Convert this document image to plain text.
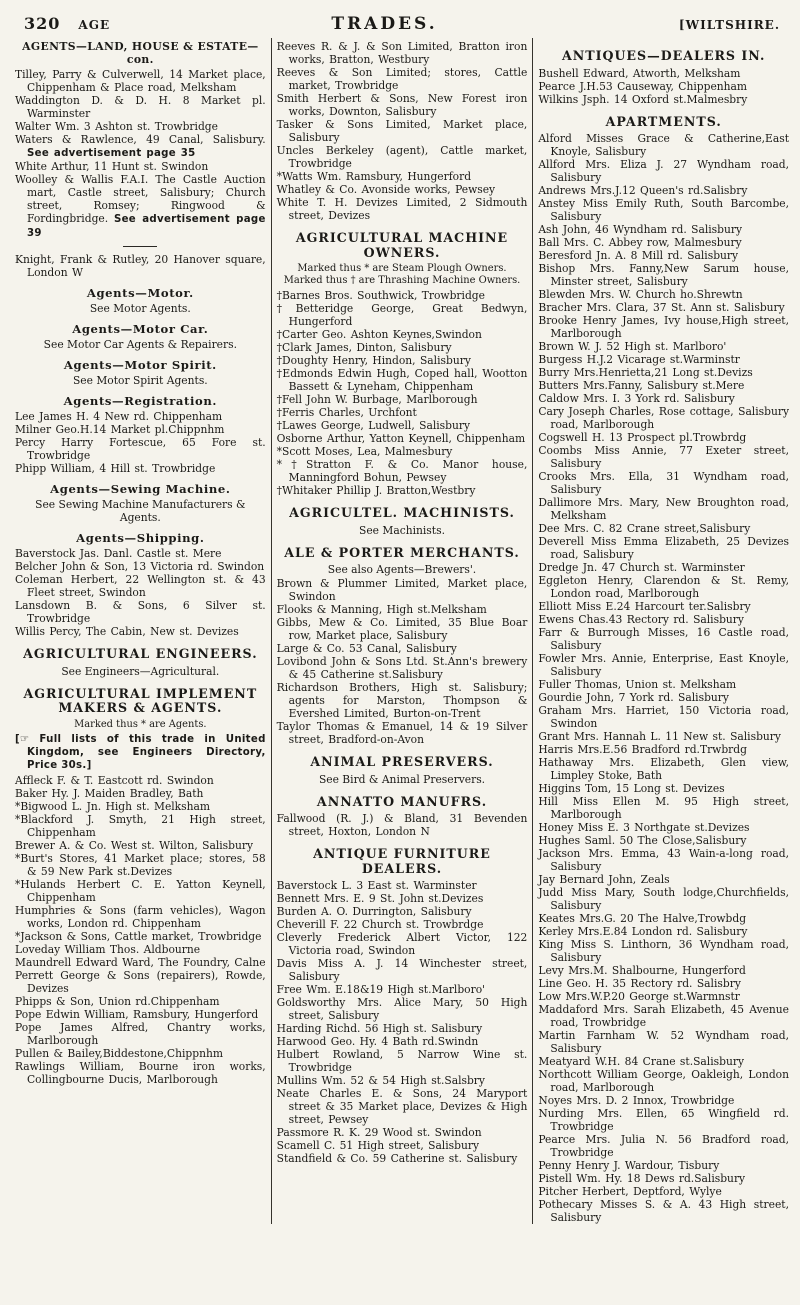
320 AGE	TRADES.	[WILTSHIRE.
AGENTS—LAND, HOUSE & ESTATE—con.

Tilley, Parry & Culverwell, 14 Market place, Chippenham & Place road, Melksham

Waddington D. & D. H. 8 Market pl. Warminster

Walter Wm. 3 Ashton st. Trowbridge

Waters & Rawlence, 49 Canal, Salisbury. See advertisement page 35

White Arthur, 11 Hunt st. Swindon

Woolley & Wallis F.A.I. The Castle Auction mart, Castle street, Salisbury; Church street, Romsey; Ringwood & Fordingbridge. See advertisement page 39

Knight, Frank & Rutley, 20 Hanover square, London W

Agents—Motor.
See Motor Agents.
Agents—Motor Car.
See Motor Car Agents & Repairers.
Agents—Motor Spirit.
See Motor Spirit Agents.
Agents—Registration.

Lee James H. 4 New rd. Chippenham

Milner Geo.H.14 Market pl.Chippnhm

Percy Harry Fortescue, 65 Fore st. Trowbridge

Phipp William, 4 Hill st. Trowbridge

Agents—Sewing Machine.
See Sewing Machine Manufacturers & Agents.
Agents—Shipping.

Baverstock Jas. Danl. Castle st. Mere

Belcher John & Son, 13 Victoria rd. Swindon

Coleman Herbert, 22 Wellington st. & 43 Fleet street, Swindon

Lansdown B. & Sons, 6 Silver st. Trowbridge

Willis Percy, The Cabin, New st. Devizes

AGRICULTURAL ENGINEERS.
See Engineers—Agricultural.
AGRICULTURAL IMPLEMENT MAKERS & AGENTS.
Marked thus * are Agents.

[☞ Full lists of this trade in United Kingdom, see Engineers Directory, Price 30s.]

Affleck F. & T. Eastcott rd. Swindon

Baker Hy. J. Maiden Bradley, Bath

*Bigwood L. Jn. High st. Melksham

*Blackford J. Smyth, 21 High street, Chippenham

Brewer A. & Co. West st. Wilton, Salisbury

*Burt's Stores, 41 Market place; stores, 58 & 59 New Park st.Devizes

*Hulands Herbert C. E. Yatton Keynell, Chippenham

Humphries & Sons (farm vehicles), Wagon works, London rd. Chippenham

*Jackson & Sons, Cattle market, Trowbridge

Loveday William Thos. Aldbourne

Maundrell Edward Ward, The Foundry, Calne

Perrett George & Sons (repairers), Rowde, Devizes

Phipps & Son, Union rd.Chippenham

Pope Edwin William, Ramsbury, Hungerford

Pope James Alfred, Chantry works, Marlborough

Pullen & Bailey,Biddestone,Chippnhm

Rawlings William, Bourne iron works, Collingbourne Ducis, Marlborough

Reeves R. & J. & Son Limited, Bratton iron works, Bratton, Westbury

Reeves & Son Limited; stores, Cattle market, Trowbridge

Smith Herbert & Sons, New Forest iron works, Downton, Salisbury

Tasker & Sons Limited, Market place, Salisbury

Uncles Berkeley (agent), Cattle market, Trowbridge

*Watts Wm. Ramsbury, Hungerford

Whatley & Co. Avonside works, Pewsey

White T. H. Devizes Limited, 2 Sidmouth street, Devizes

AGRICULTURAL MACHINE OWNERS.
Marked thus * are Steam Plough Owners. Marked thus † are Thrashing Machine Owners.

†Barnes Bros. Southwick, Trowbridge

†Betteridge George, Great Bedwyn, Hungerford

†Carter Geo. Ashton Keynes,Swindon

†Clark James, Dinton, Salisbury

†Doughty Henry, Hindon, Salisbury

†Edmonds Edwin Hugh, Coped hall, Wootton Bassett & Lyneham, Chippenham

†Fell John W. Burbage, Marlborough

†Ferris Charles, Urchfont

†Lawes George, Ludwell, Salisbury

Osborne Arthur, Yatton Keynell, Chippenham

*Scott Moses, Lea, Malmesbury

*†Stratton F. & Co. Manor house, Manningford Bohun, Pewsey

†Whitaker Phillip J. Bratton,Westbry

AGRICULTEL. MACHINISTS.
See Machinists.
ALE & PORTER MERCHANTS.
See also Agents—Brewers'.

Brown & Plummer Limited, Market place, Swindon

Flooks & Manning, High st.Melksham

Gibbs, Mew & Co. Limited, 35 Blue Boar row, Market place, Salisbury

Large & Co. 53 Canal, Salisbury

Lovibond John & Sons Ltd. St.Ann's brewery & 45 Catherine st.Salisbury

Richardson Brothers, High st. Salisbury; agents for Marston, Thompson & Evershed Limited, Burton-on-Trent

Taylor Thomas & Emanuel, 14 & 19 Silver street, Bradford-on-Avon

ANIMAL PRESERVERS.
See Bird & Animal Preservers.
ANNATTO MANUFRS.

Fallwood (R. J.) & Bland, 31 Bevenden street, Hoxton, London N

ANTIQUE FURNITURE DEALERS.

Baverstock L. 3 East st. Warminster

Bennett Mrs. E. 9 St. John st.Devizes

Burden A. O. Durrington, Salisbury

Cheverill F. 22 Church st. Trowbrdge

Cleverly Frederick Albert Victor, 122 Victoria road, Swindon

Davis Miss A. J. 14 Winchester street, Salisbury

Free Wm. E.18&19 High st.Marlboro'

Goldsworthy Mrs. Alice Mary, 50 High street, Salisbury

Harding Richd. 56 High st. Salisbury

Harwood Geo. Hy. 4 Bath rd.Swindn

Hulbert Rowland, 5 Narrow Wine st. Trowbridge

Mullins Wm. 52 & 54 High st.Salsbry

Neate Charles E. & Sons, 24 Maryport street & 35 Market place, Devizes & High street, Pewsey

Passmore R. K. 29 Wood st. Swindon

Scamell C. 51 High street, Salisbury

Standfield & Co. 59 Catherine st. Salisbury

ANTIQUES—DEALERS IN.

Bushell Edward, Atworth, Melksham

Pearce J.H.53 Causeway, Chippenham

Wilkins Jsph. 14 Oxford st.Malmesbry

APARTMENTS.

Alford Misses Grace & Catherine,East Knoyle, Salisbury

Allford Mrs. Eliza J. 27 Wyndham road, Salisbury

Andrews Mrs.J.12 Queen's rd.Salisbry

Anstey Miss Emily Ruth, South Barcombe, Salisbury

Ash John, 46 Wyndham rd. Salisbury

Ball Mrs. C. Abbey row, Malmesbury

Beresford Jn. A. 8 Mill rd. Salisbury

Bishop Mrs. Fanny,New Sarum house, Minster street, Salisbury

Blewden Mrs. W. Church ho.Shrewtn

Bracher Mrs. Clara, 37 St. Ann st. Salisbury

Brooke Henry James, Ivy house,High street, Marlborough

Brown W. J. 52 High st. Marlboro'

Burgess H.J.2 Vicarage st.Warminstr

Burry Mrs.Henrietta,21 Long st.Devizs

Butters Mrs.Fanny, Salisbury st.Mere

Caldow Mrs. I. 3 York rd. Salisbury

Cary Joseph Charles, Rose cottage, Salisbury road, Marlborough

Cogswell H. 13 Prospect pl.Trowbrdg

Coombs Miss Annie, 77 Exeter street, Salisbury

Crooks Mrs. Ella, 31 Wyndham road, Salisbury

Dallimore Mrs. Mary, New Broughton road, Melksham

Dee Mrs. C. 82 Crane street,Salisbury

Deverell Miss Emma Elizabeth, 25 Devizes road, Salisbury

Dredge Jn. 47 Church st. Warminster

Eggleton Henry, Clarendon & St. Remy, London road, Marlborough

Elliott Miss E.24 Harcourt ter.Salisbry

Ewens Chas.43 Rectory rd. Salisbury

Farr & Burrough Misses, 16 Castle road, Salisbury

Fowler Mrs. Annie, Enterprise, East Knoyle, Salisbury

Fuller Thomas, Union st. Melksham

Gourdie John, 7 York rd. Salisbury

Graham Mrs. Harriet, 150 Victoria road, Swindon

Grant Mrs. Hannah L. 11 New st. Salisbury

Harris Mrs.E.56 Bradford rd.Trwbrdg

Hathaway Mrs. Elizabeth, Glen view, Limpley Stoke, Bath

Higgins Tom, 15 Long st. Devizes

Hill Miss Ellen M. 95 High street, Marlborough

Honey Miss E. 3 Northgate st.Devizes

Hughes Saml. 50 The Close,Salisbury

Jackson Mrs. Emma, 43 Wain-a-long road, Salisbury

Jay Bernard John, Zeals

Judd Miss Mary, South lodge,Churchfields, Salisbury

Keates Mrs.G. 20 The Halve,Trowbdg

Kerley Mrs.E.84 London rd. Salisbury

King Miss S. Linthorn, 36 Wyndham road, Salisbury

Levy Mrs.M. Shalbourne, Hungerford

Line Geo. H. 35 Rectory rd. Salisbry

Low Mrs.W.P.20 George st.Warmnstr

Maddaford Mrs. Sarah Elizabeth, 45 Avenue road, Trowbridge

Martin Farnham W. 52 Wyndham road, Salisbury

Meatyard W.H. 84 Crane st.Salisbury

Northcott William George, Oakleigh, London road, Marlborough

Noyes Mrs. D. 2 Innox, Trowbridge

Nurding Mrs. Ellen, 65 Wingfield rd. Trowbridge

Pearce Mrs. Julia N. 56 Bradford road, Trowbridge

Penny Henry J. Wardour, Tisbury

Pistell Wm. Hy. 18 Dews rd.Salisbury

Pitcher Herbert, Deptford, Wylye

Pothecary Misses S. & A. 43 High street, Salisbury
